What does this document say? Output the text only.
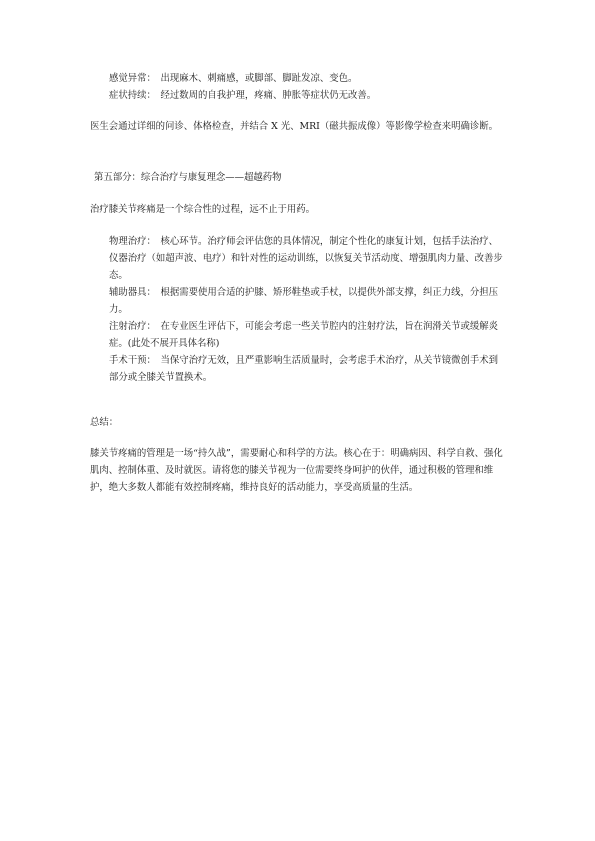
感觉异常：　出现麻木、刺痛感，或脚部、脚趾发凉、变色。
症状持续：　经过数周的自我护理，疼痛、肿胀等症状仍无改善。
医生会通过详细的问诊、体格检查，并结合 X 光、MRI（磁共振成像）等影像学检查来明确诊断。
第五部分：综合治疗与康复理念——超越药物
治疗膝关节疼痛是一个综合性的过程，远不止于用药。
物理治疗：　核心环节。治疗师会评估您的具体情况，制定个性化的康复计划，包括手法治疗、仪器治疗（如超声波、电疗）和针对性的运动训练，以恢复关节活动度、增强肌肉力量、改善步态。
辅助器具：　根据需要使用合适的护膝、矫形鞋垫或手杖，以提供外部支撑，纠正力线，分担压力。
注射治疗：　在专业医生评估下，可能会考虑一些关节腔内的注射疗法，旨在润滑关节或缓解炎症。(此处不展开具体名称)
手术干预：　当保守治疗无效，且严重影响生活质量时，会考虑手术治疗，从关节镜微创手术到部分或全膝关节置换术。
总结：
膝关节疼痛的管理是一场“持久战”，需要耐心和科学的方法。核心在于：明确病因、科学自救、强化肌肉、控制体重、及时就医。请将您的膝关节视为一位需要终身呵护的伙伴，通过积极的管理和维护，绝大多数人都能有效控制疼痛，维持良好的活动能力，享受高质量的生活。
